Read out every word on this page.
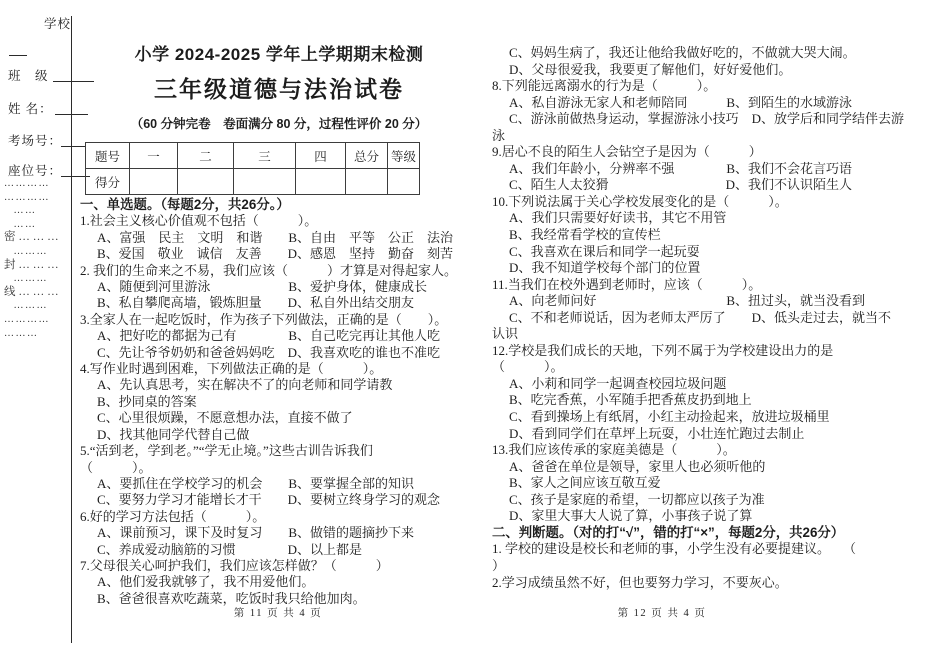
学校
班　级
姓 名：
考场号：
座位号：
… … … …
… … … …
　… …
　… …
密 … … …
　… … …
封 … … …
　… … …
线 … … …
　… … …
… … … …
… … …
小学 2024-2025 学年上学期期末检测
三年级道德与法治试卷
（60 分钟完卷　卷面满分 80 分，过程性评价 20 分）
题号	一	二	三	四	总分	等级
得分						
一、单选题。（每题2分，共26分。）
1.社会主义核心价值观不包括（　　　）。
A、富强　民主　文明　和谐　　B、自由　平等　公正　法治
B、爱国　敬业　诚信　友善　　D、感恩　坚持　勤奋　刻苦
2. 我们的生命来之不易，我们应该（　　　）才算是对得起家人。
A、随便到河里游泳　　　　　　B、爱护身体，健康成长
B、私自攀爬高墙，锻炼胆量　　D、私自外出结交朋友
3.全家人在一起吃饭时，作为孩子下列做法，正确的是（　　）。
A、把好吃的都据为己有　　　　B、自己吃完再让其他人吃
C、先让爷爷奶奶和爸爸妈妈吃　D、我喜欢吃的谁也不准吃
4.写作业时遇到困难，下列做法正确的是（　　　）。
A、先认真思考，实在解决不了的向老师和同学请教
B、抄同桌的答案
C、心里很烦躁，不愿意想办法，直接不做了
D、找其他同学代替自己做
5.“活到老，学到老。”“学无止境。”这些古训告诉我们
（　　　）。
A、要抓住在学校学习的机会　　B、要掌握全部的知识
C、要努力学习才能增长才干　　D、要树立终身学习的观念
6.好的学习方法包括（　　　）。
A、课前预习，课下及时复习　　B、做错的题摘抄下来
C、养成爱动脑筋的习惯　　　　D、以上都是
7.父母很关心呵护我们，我们应该怎样做？（　　　）
A、他们爱我就够了，我不用爱他们。
B、爸爸很喜欢吃蔬菜，吃饭时我只给他加肉。
C、妈妈生病了，我还让他给我做好吃的，不做就大哭大闹。
D、父母很爱我，我要更了解他们，好好爱他们。
8.下列能远离溺水的行为是（　　　）。
A、私自游泳无家人和老师陪同　　　B、到陌生的水域游泳
C、游泳前做热身运动，掌握游泳小技巧　D、放学后和同学结伴去游
泳
9.居心不良的陌生人会钻空子是因为（　　　）
A、我们年龄小，分辨率不强　　　　B、我们不会花言巧语
C、陌生人太狡猾　　　　　　　　　D、我们不认识陌生人
10.下列说法属于关心学校发展变化的是（　　　）。
A、我们只需要好好读书，其它不用管
B、我经常看学校的宣传栏
C、我喜欢在课后和同学一起玩耍
D、我不知道学校每个部门的位置
11.当我们在校外遇到老师时，应该（　　　）。
A、向老师问好　　　　　　　　　　B、扭过头，就当没看到
C、不和老师说话，因为老师太严厉了　　D、低头走过去，就当不
认识
12.学校是我们成长的天地，下列不属于为学校建设出力的是
（　　　）。
A、小莉和同学一起调查校园垃圾问题
B、吃完香蕉，小军随手把香蕉皮扔到地上
C、看到操场上有纸屑，小红主动捡起来，放进垃圾桶里
D、看到同学们在草坪上玩耍，小壮连忙跑过去制止
13.我们应该传承的家庭美德是（　　　）。
A、爸爸在单位是领导，家里人也必须听他的
B、家人之间应该互敬互爱
C、孩子是家庭的希望，一切都应以孩子为准
D、家里大事大人说了算，小事孩子说了算
二、判断题。（对的打“√”，错的打“×”，每题2分，共26分）
1. 学校的建设是校长和老师的事，小学生没有必要提建议。　　（
）
2.学习成绩虽然不好，但也要努力学习，不要灰心。
第 11 页 共 4 页	第 12 页 共 4 页
